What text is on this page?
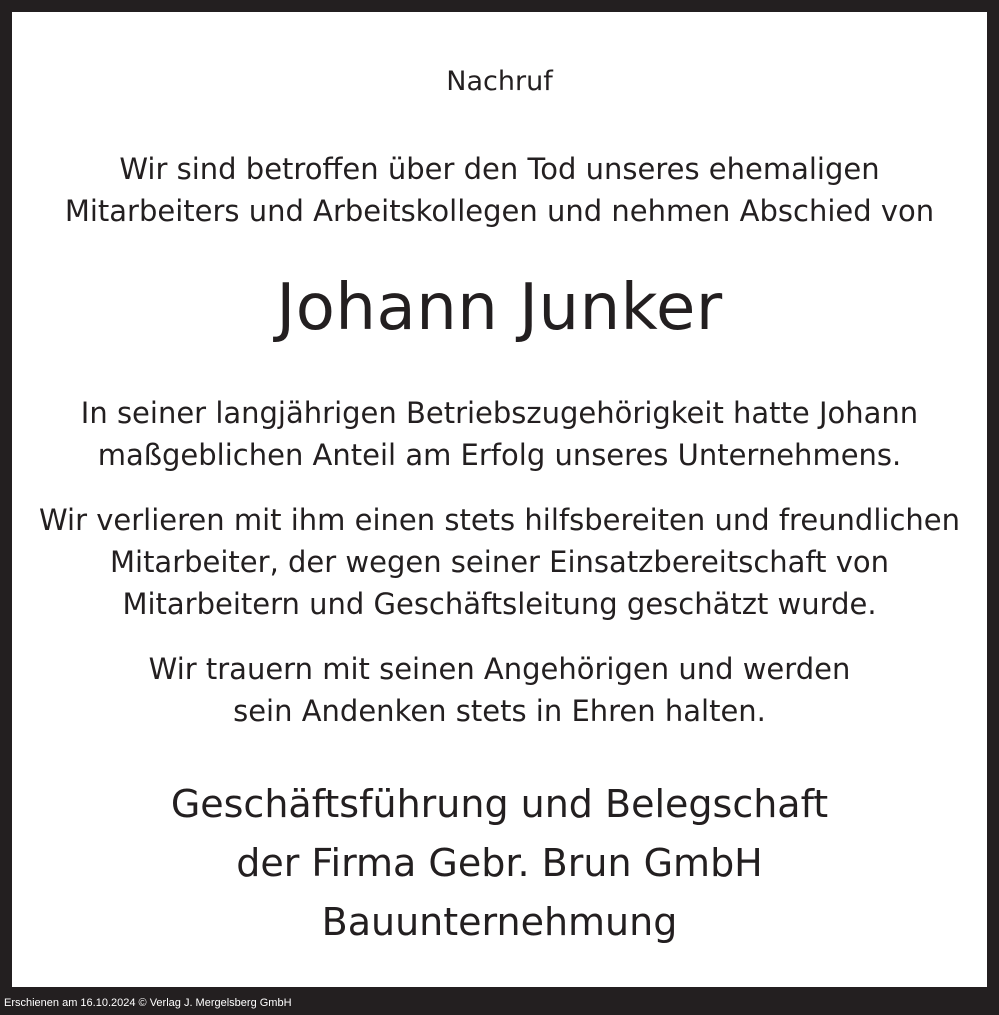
Nachruf

Wir sind betroffen über den Tod unseres ehemaligen

Mitarbeiters und Arbeitskollegen und nehmen Abschied von

Johann Junker

In seiner langjährigen Betriebszugehörigkeit hatte Johann

maßgeblichen Anteil am Erfolg unseres Unternehmens.

Wir verlieren mit ihm einen stets hilfsbereiten und freundlichen

Mitarbeiter, der wegen seiner Einsatzbereitschaft von

Mitarbeitern und Geschäftsleitung geschätzt wurde.

Wir trauern mit seinen Angehörigen und werden

sein Andenken stets in Ehren halten.

Geschäftsführung und Belegschaft

der Firma Gebr. Brun GmbH

Bauunternehmung

Erschienen am 16.10.2024 © Verlag J. Mergelsberg GmbH
